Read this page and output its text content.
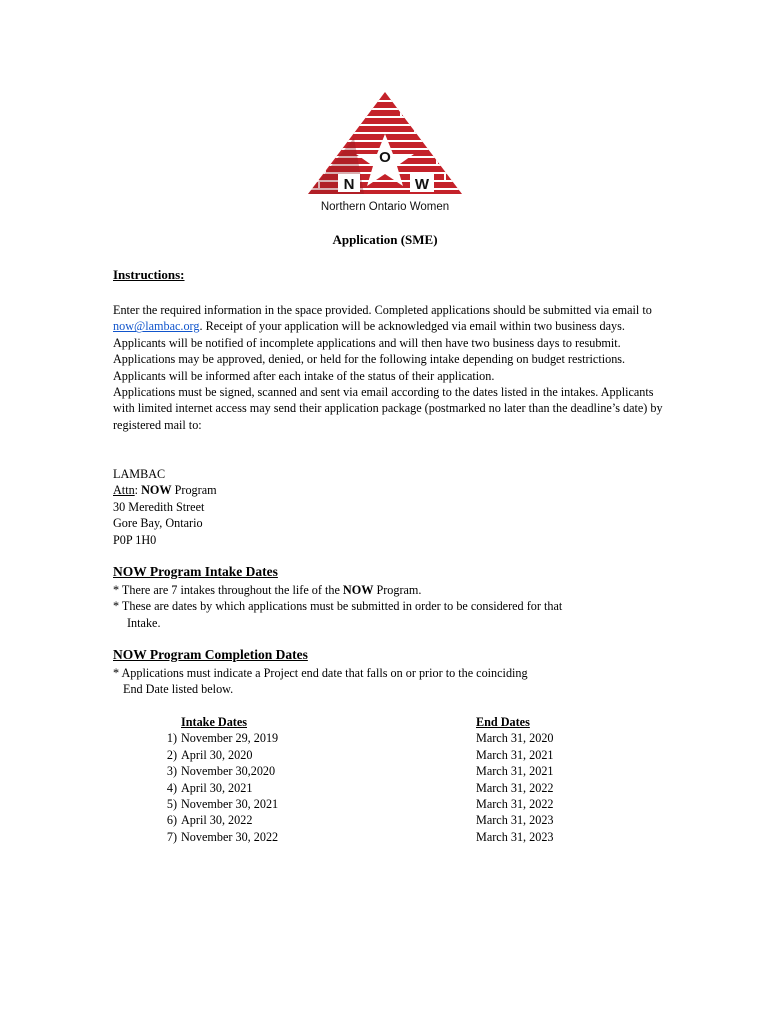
O
N	W
Northern Ontario Women
Application (SME)
Instructions:

Enter the required information in the space provided. Completed applications should be submitted via email to now@lambac.org. Receipt of your application will be acknowledged via email within two business days. Applicants will be notified of incomplete applications and will then have two business days to resubmit. Applications may be approved, denied, or held for the following intake depending on budget restrictions. Applicants will be informed after each intake of the status of their application.

Applications must be signed, scanned and sent via email according to the dates listed in the intakes. Applicants with limited internet access may send their application package (postmarked no later than the deadline’s date) by registered mail to:

LAMBAC
Attn: NOW Program
30 Meredith Street
Gore Bay, Ontario
P0P 1H0
NOW Program Intake Dates
* There are 7 intakes throughout the life of the NOW Program.
* These are dates by which applications must be submitted in order to be considered for that
Intake.
NOW Program Completion Dates
* Applications must indicate a Project end date that falls on or prior to the coinciding
End Date listed below.
Intake Dates
1) November 29, 2019
2) April 30, 2020
3) November 30,2020
4) April 30, 2021
5) November 30, 2021
6) April 30, 2022
7) November 30, 2022
End Dates
March 31, 2020
March 31, 2021
March 31, 2021
March 31, 2022
March 31, 2022
March 31, 2023
March 31, 2023
